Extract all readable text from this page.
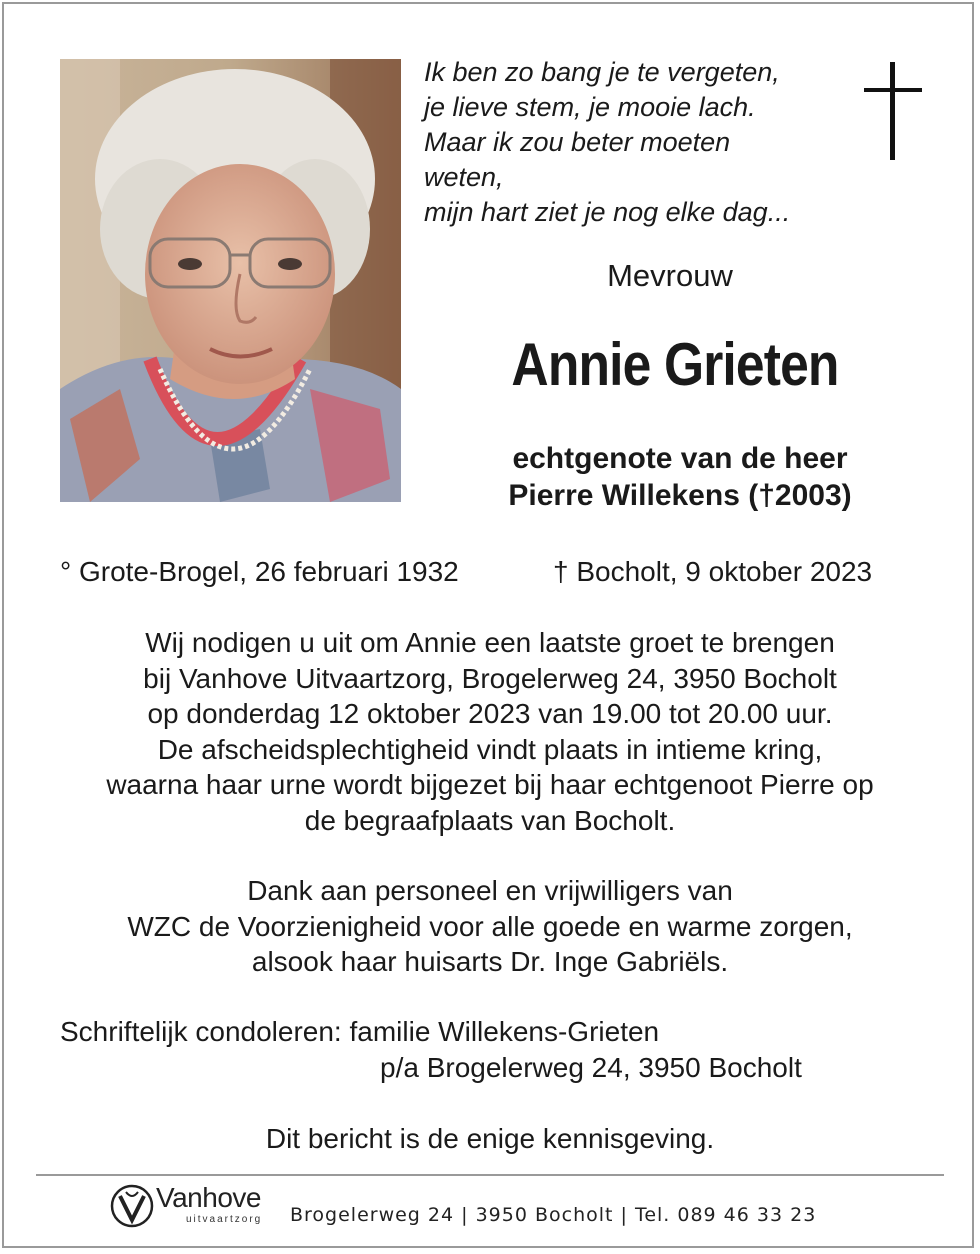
Ik ben zo bang je te vergeten,
je lieve stem, je mooie lach.
Maar ik zou beter moeten
weten,
mijn hart ziet je nog elke dag...
Mevrouw
Annie Grieten
echtgenote van de heer
Pierre Willekens (†2003)
° Grote-Brogel, 26 februari 1932	† Bocholt, 9 oktober 2023
Wij nodigen u uit om Annie een laatste groet te brengen
bij Vanhove Uitvaartzorg, Brogelerweg 24, 3950 Bocholt
op donderdag 12 oktober 2023 van 19.00 tot 20.00 uur.
De afscheidsplechtigheid vindt plaats in intieme kring,
waarna haar urne wordt bijgezet bij haar echtgenoot Pierre op
de begraafplaats van Bocholt.
Dank aan personeel en vrijwilligers van
WZC de Voorzienigheid voor alle goede en warme zorgen,
alsook haar huisarts Dr. Inge Gabriëls.
Schriftelijk condoleren: familie Willekens-Grieten
p/a Brogelerweg 24, 3950 Bocholt
Dit bericht is de enige kennisgeving.
Vanhove
uitvaartzorg Brogelerweg 24 | 3950 Bocholt | Tel. 089 46 33 23
